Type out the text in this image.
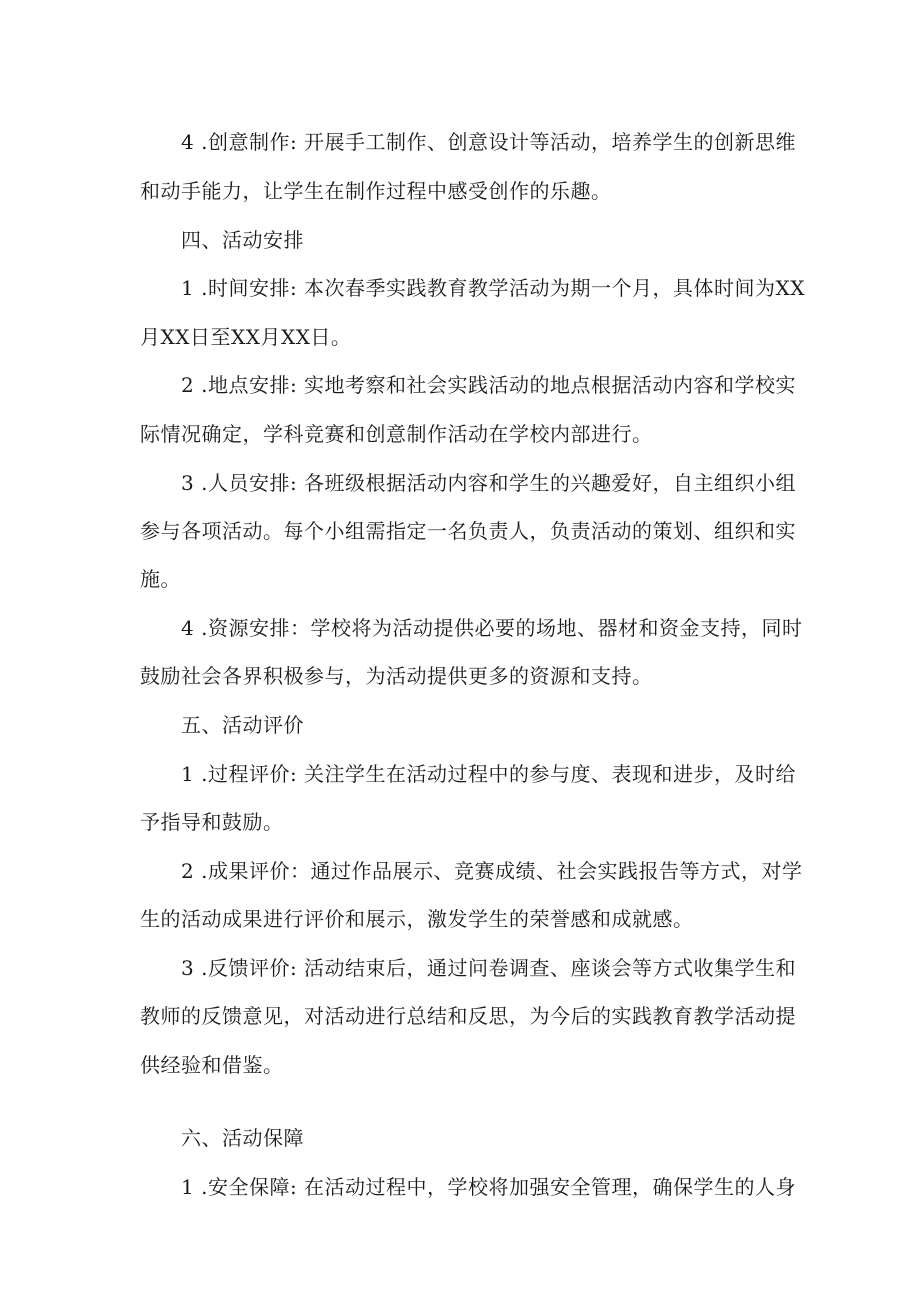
4 .创意制作: 开展手工制作、创意设计等活动，培养学生的创新思维
和动手能力，让学生在制作过程中感受创作的乐趣。
四、活动安排
1 .时间安排: 本次春季实践教育教学活动为期一个月，具体时间为XX
月XX日至XX月XX日。
2 .地点安排: 实地考察和社会实践活动的地点根据活动内容和学校实
际情况确定，学科竞赛和创意制作活动在学校内部进行。
3 .人员安排: 各班级根据活动内容和学生的兴趣爱好，自主组织小组
参与各项活动。每个小组需指定一名负责人，负责活动的策划、组织和实
施。
4 .资源安排：学校将为活动提供必要的场地、器材和资金支持，同时
鼓励社会各界积极参与，为活动提供更多的资源和支持。
五、活动评价
1 .过程评价: 关注学生在活动过程中的参与度、表现和进步，及时给
予指导和鼓励。
2 .成果评价：通过作品展示、竞赛成绩、社会实践报告等方式，对学
生的活动成果进行评价和展示，激发学生的荣誉感和成就感。
3 .反馈评价: 活动结束后，通过问卷调查、座谈会等方式收集学生和
教师的反馈意见，对活动进行总结和反思，为今后的实践教育教学活动提
供经验和借鉴。
六、活动保障
1 .安全保障: 在活动过程中，学校将加强安全管理，确保学生的人身
